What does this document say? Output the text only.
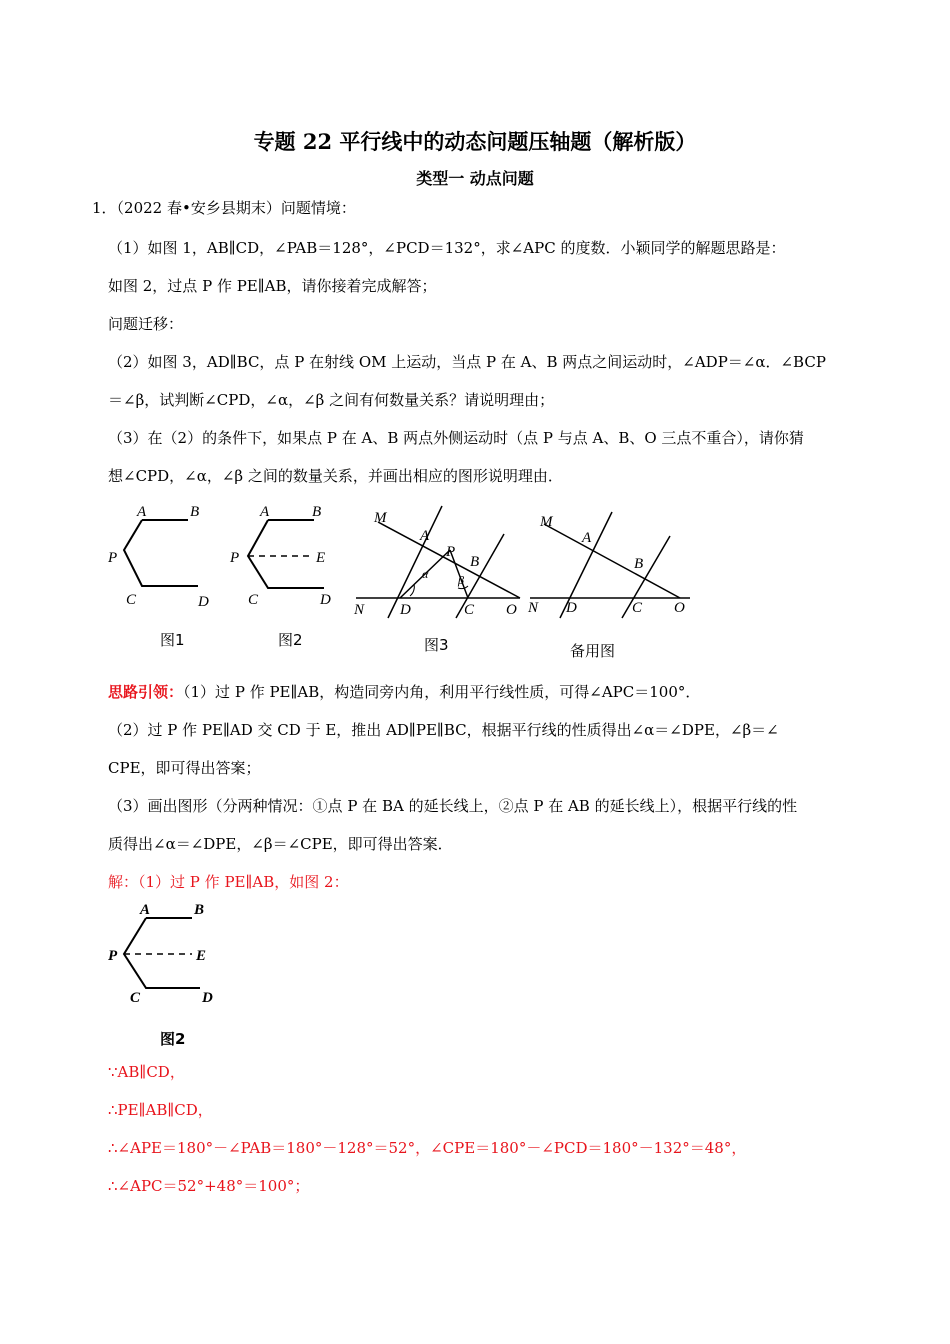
专题 22 平行线中的动态问题压轴题（解析版）
类型一 动点问题
1．（2022 春•安乡县期末）问题情境：
（1）如图 1，AB∥CD，∠PAB＝128°，∠PCD＝132°，求∠APC 的度数．小颖同学的解题思路是：
如图 2，过点 P 作 PE∥AB，请你接着完成解答；
问题迁移：
（2）如图 3，AD∥BC，点 P 在射线 OM 上运动，当点 P 在 A、B 两点之间运动时，∠ADP＝∠α．∠BCP
＝∠β，试判断∠CPD，∠α，∠β 之间有何数量关系？请说明理由；
（3）在（2）的条件下，如果点 P 在 A、B 两点外侧运动时（点 P 与点 A、B、O 三点不重合），请你猜
想∠CPD，∠α，∠β 之间的数量关系，并画出相应的图形说明理由．
A	B
P
C	D
图1
A	B
P	E
C	D
图2
M
A
P
B
α β
N D	C O
图3
M
A
B
N D	C O
备用图
思路引领：（1）过 P 作 PE∥AB，构造同旁内角，利用平行线性质，可得∠APC＝100°．
（2）过 P 作 PE∥AD 交 CD 于 E，推出 AD∥PE∥BC，根据平行线的性质得出∠α＝∠DPE，∠β＝∠
CPE，即可得出答案；
（3）画出图形（分两种情况：①点 P 在 BA 的延长线上，②点 P 在 AB 的延长线上），根据平行线的性
质得出∠α＝∠DPE，∠β＝∠CPE，即可得出答案．
解：（1）过 P 作 PE∥AB，如图 2：
A	B
P	E
C	D
图2
∵AB∥CD，
∴PE∥AB∥CD，
∴∠APE＝180°－∠PAB＝180°－128°＝52°，∠CPE＝180°－∠PCD＝180°－132°＝48°，
∴∠APC＝52°+48°＝100°；
